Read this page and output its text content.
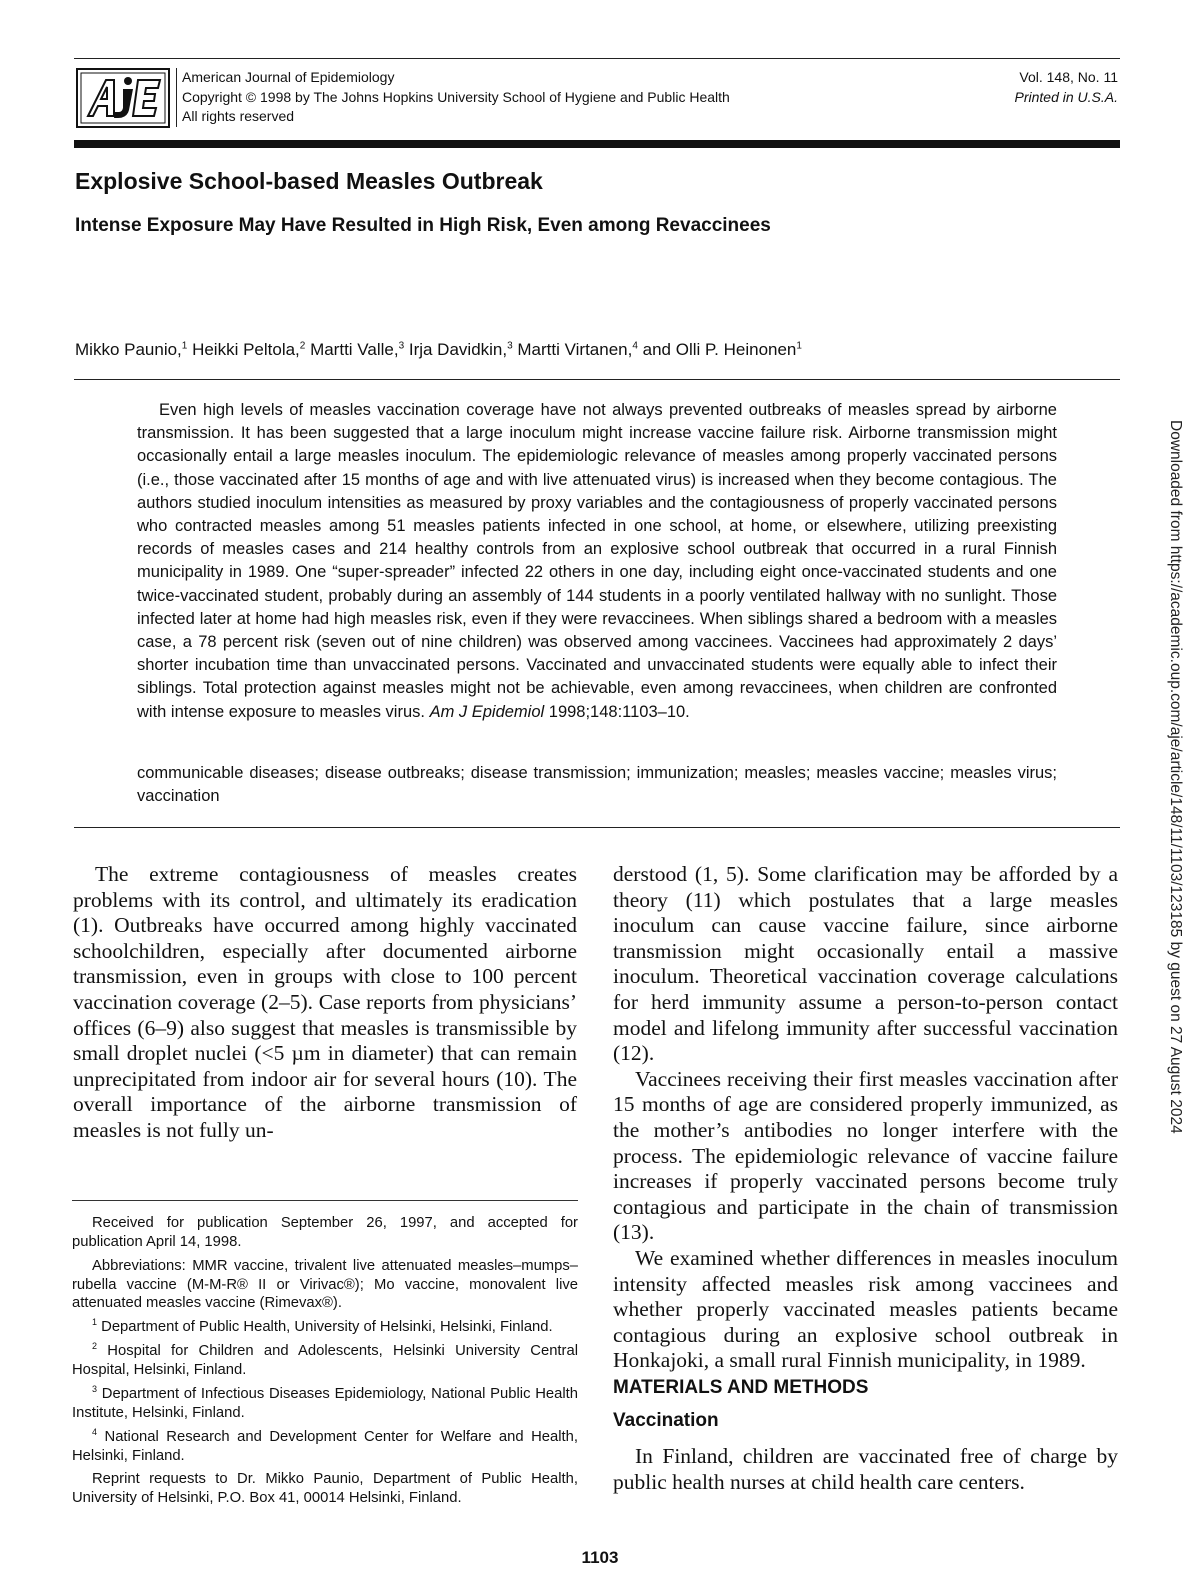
American Journal of Epidemiology
Copyright © 1998 by The Johns Hopkins University School of Hygiene and Public Health
All rights reserved
Vol. 148, No. 11
Printed in U.S.A.
Explosive School-based Measles Outbreak
Intense Exposure May Have Resulted in High Risk, Even among Revaccinees
Mikko Paunio,$^1$ Heikki Peltola,$^2$ Martti Valle,$^3$ Irja Davidkin,$^3$ Martti Virtanen,$^4$ and Olli P. Heinonen$^1$

Even high levels of measles vaccination coverage have not always prevented outbreaks of measles spread by airborne transmission. It has been suggested that a large inoculum might increase vaccine failure risk. Airborne transmission might occasionally entail a large measles inoculum. The epidemiologic relevance of measles among properly vaccinated persons (i.e., those vaccinated after 15 months of age and with live attenuated virus) is increased when they become contagious. The authors studied inoculum intensities as measured by proxy variables and the contagiousness of properly vaccinated persons who contracted measles among 51 measles patients infected in one school, at home, or elsewhere, utilizing preexisting records of measles cases and 214 healthy controls from an explosive school outbreak that occurred in a rural Finnish municipality in 1989. One “super-spreader” infected 22 others in one day, including eight once-vaccinated students and one twice-vaccinated student, probably during an assembly of 144 students in a poorly ventilated hallway with no sunlight. Those infected later at home had high measles risk, even if they were revaccinees. When siblings shared a bedroom with a measles case, a 78 percent risk (seven out of nine children) was observed among vaccinees. Vaccinees had approximately 2 days’ shorter incubation time than unvaccinated persons. Vaccinated and unvaccinated students were equally able to infect their siblings. Total protection against measles might not be achievable, even among revaccinees, when children are confronted with intense exposure to measles virus. Am J Epidemiol 1998;148:1103–10.

communicable diseases; disease outbreaks; disease transmission; immunization; measles; measles vaccine; measles virus; vaccination

The extreme contagiousness of measles creates problems with its control, and ultimately its eradication (1). Outbreaks have occurred among highly vaccinated schoolchildren, especially after documented airborne transmission, even in groups with close to 100 percent vaccination coverage (2–5). Case reports from physicians’ offices (6–9) also suggest that measles is transmissible by small droplet nuclei (<5 µm in diameter) that can remain unprecipitated from indoor air for several hours (10). The overall importance of the airborne transmission of measles is not fully un-

derstood (1, 5). Some clarification may be afforded by a theory (11) which postulates that a large measles inoculum can cause vaccine failure, since airborne transmission might occasionally entail a massive inoculum. Theoretical vaccination coverage calculations for herd immunity assume a person-to-person contact model and lifelong immunity after successful vaccination (12).

Vaccinees receiving their first measles vaccination after 15 months of age are considered properly immunized, as the mother’s antibodies no longer interfere with the process. The epidemiologic relevance of vaccine failure increases if properly vaccinated persons become truly contagious and participate in the chain of transmission (13).

We examined whether differences in measles inoculum intensity affected measles risk among vaccinees and whether properly vaccinated measles patients became contagious during an explosive school outbreak in Honkajoki, a small rural Finnish municipality, in 1989.

Received for publication September 26, 1997, and accepted for publication April 14, 1998.

Abbreviations: MMR vaccine, trivalent live attenuated measles–mumps–rubella vaccine (M-M-R® II or Virivac®); Mo vaccine, monovalent live attenuated measles vaccine (Rimevax®).

$^1$ Department of Public Health, University of Helsinki, Helsinki, Finland.

$^2$ Hospital for Children and Adolescents, Helsinki University Central Hospital, Helsinki, Finland.

$^3$ Department of Infectious Diseases Epidemiology, National Public Health Institute, Helsinki, Finland.

$^4$ National Research and Development Center for Welfare and Health, Helsinki, Finland.

Reprint requests to Dr. Mikko Paunio, Department of Public Health, University of Helsinki, P.O. Box 41, 00014 Helsinki, Finland.

MATERIALS AND METHODS
Vaccination

In Finland, children are vaccinated free of charge by public health nurses at child health care centers.

1103
Downloaded from https://academic.oup.com/aje/article/148/11/1103/123185 by guest on 27 August 2024
